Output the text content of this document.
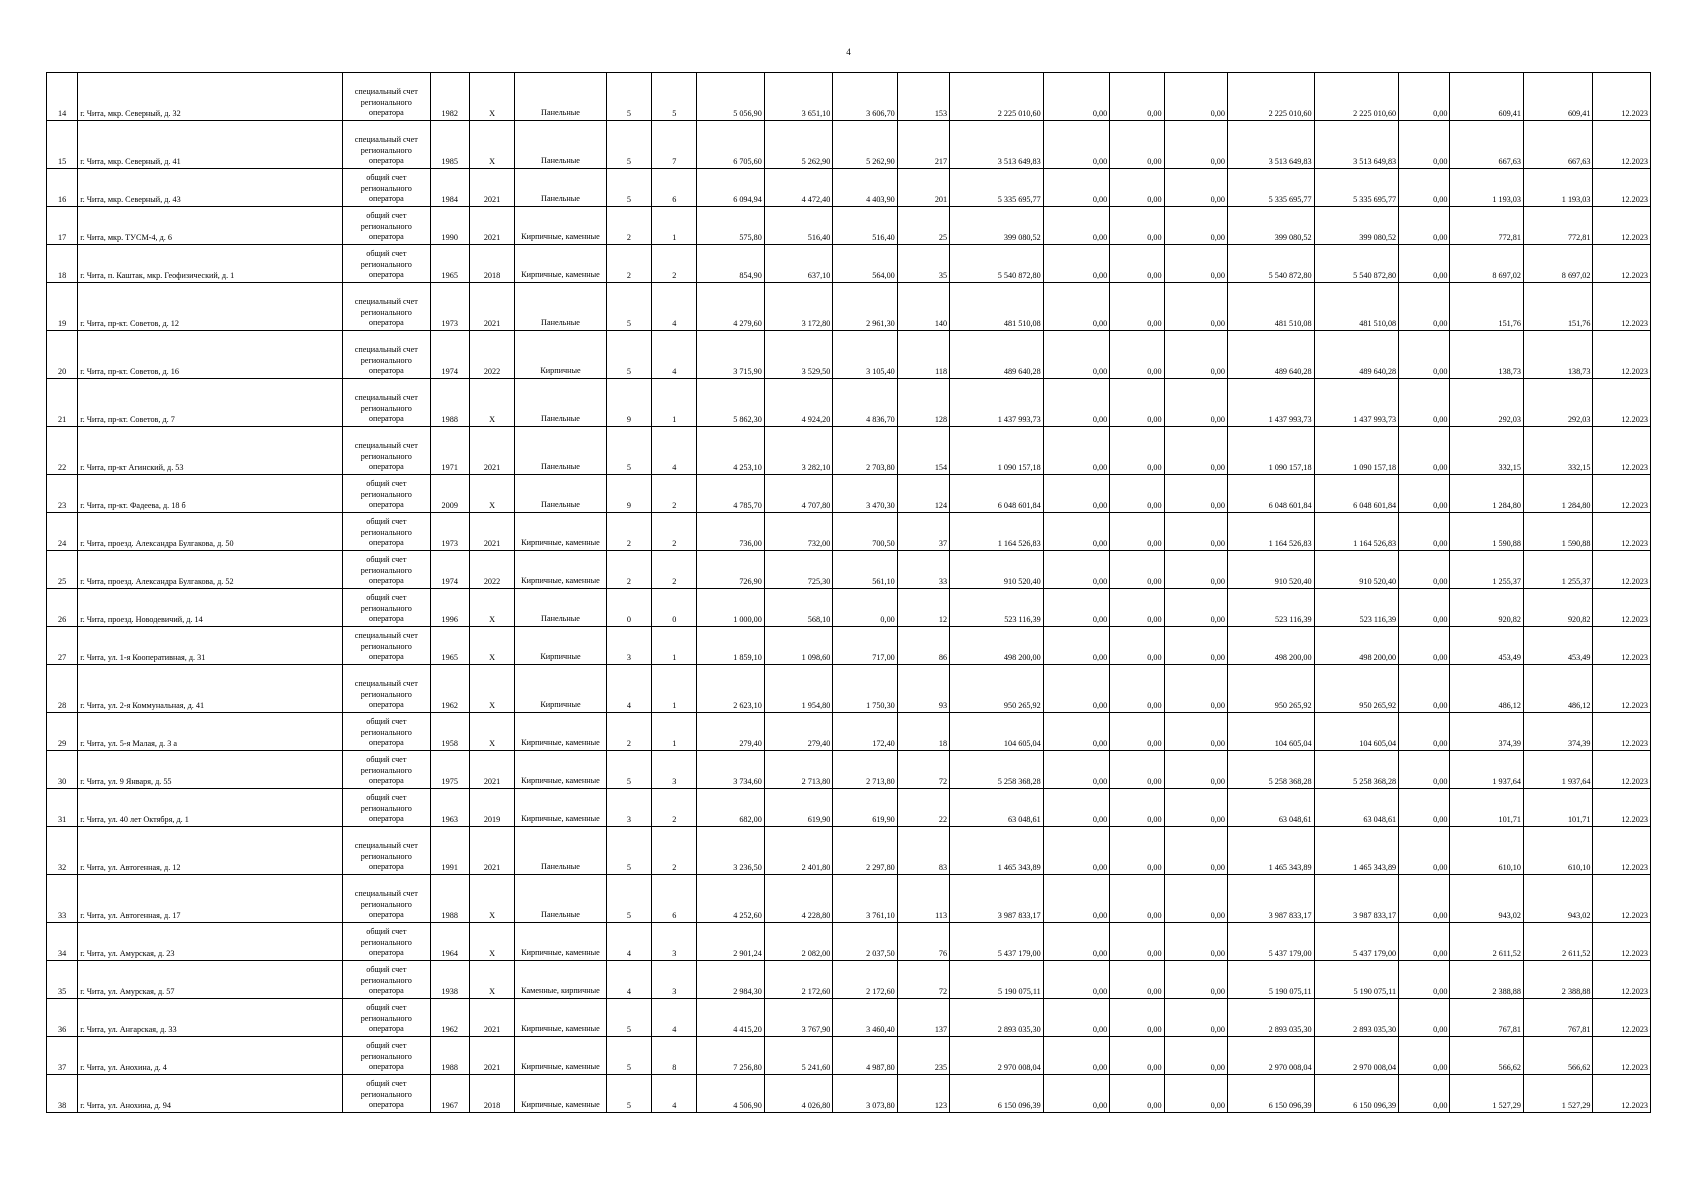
4
14	г. Чита, мкр. Северный, д. 32	специальный счет регионального оператора	1982	Х	Панельные	5	5	5 056,90	3 651,10	3 606,70	153	2 225 010,60	0,00	0,00	0,00	2 225 010,60	2 225 010,60	0,00	609,41	609,41	12.2023
15	г. Чита, мкр. Северный, д. 41	специальный счет регионального оператора	1985	Х	Панельные	5	7	6 705,60	5 262,90	5 262,90	217	3 513 649,83	0,00	0,00	0,00	3 513 649,83	3 513 649,83	0,00	667,63	667,63	12.2023
16	г. Чита, мкр. Северный, д. 43	общий счет регионального оператора	1984	2021	Панельные	5	6	6 094,94	4 472,40	4 403,90	201	5 335 695,77	0,00	0,00	0,00	5 335 695,77	5 335 695,77	0,00	1 193,03	1 193,03	12.2023
17	г. Чита, мкр. ТУСМ-4, д. 6	общий счет регионального оператора	1990	2021	Кирпичные, каменные	2	1	575,80	516,40	516,40	25	399 080,52	0,00	0,00	0,00	399 080,52	399 080,52	0,00	772,81	772,81	12.2023
18	г. Чита, п. Каштак, мкр. Геофизический, д. 1	общий счет регионального оператора	1965	2018	Кирпичные, каменные	2	2	854,90	637,10	564,00	35	5 540 872,80	0,00	0,00	0,00	5 540 872,80	5 540 872,80	0,00	8 697,02	8 697,02	12.2023
19	г. Чита, пр-кт. Советов, д. 12	специальный счет регионального оператора	1973	2021	Панельные	5	4	4 279,60	3 172,80	2 961,30	140	481 510,08	0,00	0,00	0,00	481 510,08	481 510,08	0,00	151,76	151,76	12.2023
20	г. Чита, пр-кт. Советов, д. 16	специальный счет регионального оператора	1974	2022	Кирпичные	5	4	3 715,90	3 529,50	3 105,40	118	489 640,28	0,00	0,00	0,00	489 640,28	489 640,28	0,00	138,73	138,73	12.2023
21	г. Чита, пр-кт. Советов, д. 7	специальный счет регионального оператора	1988	Х	Панельные	9	1	5 862,30	4 924,20	4 836,70	128	1 437 993,73	0,00	0,00	0,00	1 437 993,73	1 437 993,73	0,00	292,03	292,03	12.2023
22	г. Чита, пр-кт Агинский, д. 53	специальный счет регионального оператора	1971	2021	Панельные	5	4	4 253,10	3 282,10	2 703,80	154	1 090 157,18	0,00	0,00	0,00	1 090 157,18	1 090 157,18	0,00	332,15	332,15	12.2023
23	г. Чита, пр-кт. Фадеева, д. 18 б	общий счет регионального оператора	2009	Х	Панельные	9	2	4 785,70	4 707,80	3 470,30	124	6 048 601,84	0,00	0,00	0,00	6 048 601,84	6 048 601,84	0,00	1 284,80	1 284,80	12.2023
24	г. Чита, проезд. Александра Булгакова, д. 50	общий счет регионального оператора	1973	2021	Кирпичные, каменные	2	2	736,00	732,00	700,50	37	1 164 526,83	0,00	0,00	0,00	1 164 526,83	1 164 526,83	0,00	1 590,88	1 590,88	12.2023
25	г. Чита, проезд. Александра Булгакова, д. 52	общий счет регионального оператора	1974	2022	Кирпичные, каменные	2	2	726,90	725,30	561,10	33	910 520,40	0,00	0,00	0,00	910 520,40	910 520,40	0,00	1 255,37	1 255,37	12.2023
26	г. Чита, проезд. Новодевичий, д. 14	общий счет регионального оператора	1996	Х	Панельные	0	0	1 000,00	568,10	0,00	12	523 116,39	0,00	0,00	0,00	523 116,39	523 116,39	0,00	920,82	920,82	12.2023
27	г. Чита, ул. 1-я Кооперативная, д. 31	специальный счет регионального оператора	1965	Х	Кирпичные	3	1	1 859,10	1 098,60	717,00	86	498 200,00	0,00	0,00	0,00	498 200,00	498 200,00	0,00	453,49	453,49	12.2023
28	г. Чита, ул. 2-я Коммунальная, д. 41	специальный счет регионального оператора	1962	Х	Кирпичные	4	1	2 623,10	1 954,80	1 750,30	93	950 265,92	0,00	0,00	0,00	950 265,92	950 265,92	0,00	486,12	486,12	12.2023
29	г. Чита, ул. 5-я Малая, д. 3 а	общий счет регионального оператора	1958	Х	Кирпичные, каменные	2	1	279,40	279,40	172,40	18	104 605,04	0,00	0,00	0,00	104 605,04	104 605,04	0,00	374,39	374,39	12.2023
30	г. Чита, ул. 9 Января, д. 55	общий счет регионального оператора	1975	2021	Кирпичные, каменные	5	3	3 734,60	2 713,80	2 713,80	72	5 258 368,28	0,00	0,00	0,00	5 258 368,28	5 258 368,28	0,00	1 937,64	1 937,64	12.2023
31	г. Чита, ул. 40 лет Октября, д. 1	общий счет регионального оператора	1963	2019	Кирпичные, каменные	3	2	682,00	619,90	619,90	22	63 048,61	0,00	0,00	0,00	63 048,61	63 048,61	0,00	101,71	101,71	12.2023
32	г. Чита, ул. Автогенная, д. 12	специальный счет регионального оператора	1991	2021	Панельные	5	2	3 236,50	2 401,80	2 297,80	83	1 465 343,89	0,00	0,00	0,00	1 465 343,89	1 465 343,89	0,00	610,10	610,10	12.2023
33	г. Чита, ул. Автогенная, д. 17	специальный счет регионального оператора	1988	Х	Панельные	5	6	4 252,60	4 228,80	3 761,10	113	3 987 833,17	0,00	0,00	0,00	3 987 833,17	3 987 833,17	0,00	943,02	943,02	12.2023
34	г. Чита, ул. Амурская, д. 23	общий счет регионального оператора	1964	Х	Кирпичные, каменные	4	3	2 901,24	2 082,00	2 037,50	76	5 437 179,00	0,00	0,00	0,00	5 437 179,00	5 437 179,00	0,00	2 611,52	2 611,52	12.2023
35	г. Чита, ул. Амурская, д. 57	общий счет регионального оператора	1938	Х	Каменные, кирпичные	4	3	2 984,30	2 172,60	2 172,60	72	5 190 075,11	0,00	0,00	0,00	5 190 075,11	5 190 075,11	0,00	2 388,88	2 388,88	12.2023
36	г. Чита, ул. Ангарская, д. 33	общий счет регионального оператора	1962	2021	Кирпичные, каменные	5	4	4 415,20	3 767,90	3 460,40	137	2 893 035,30	0,00	0,00	0,00	2 893 035,30	2 893 035,30	0,00	767,81	767,81	12.2023
37	г. Чита, ул. Анохина, д. 4	общий счет регионального оператора	1988	2021	Кирпичные, каменные	5	8	7 256,80	5 241,60	4 987,80	235	2 970 008,04	0,00	0,00	0,00	2 970 008,04	2 970 008,04	0,00	566,62	566,62	12.2023
38	г. Чита, ул. Анохина, д. 94	общий счет регионального оператора	1967	2018	Кирпичные, каменные	5	4	4 506,90	4 026,80	3 073,80	123	6 150 096,39	0,00	0,00	0,00	6 150 096,39	6 150 096,39	0,00	1 527,29	1 527,29	12.2023
